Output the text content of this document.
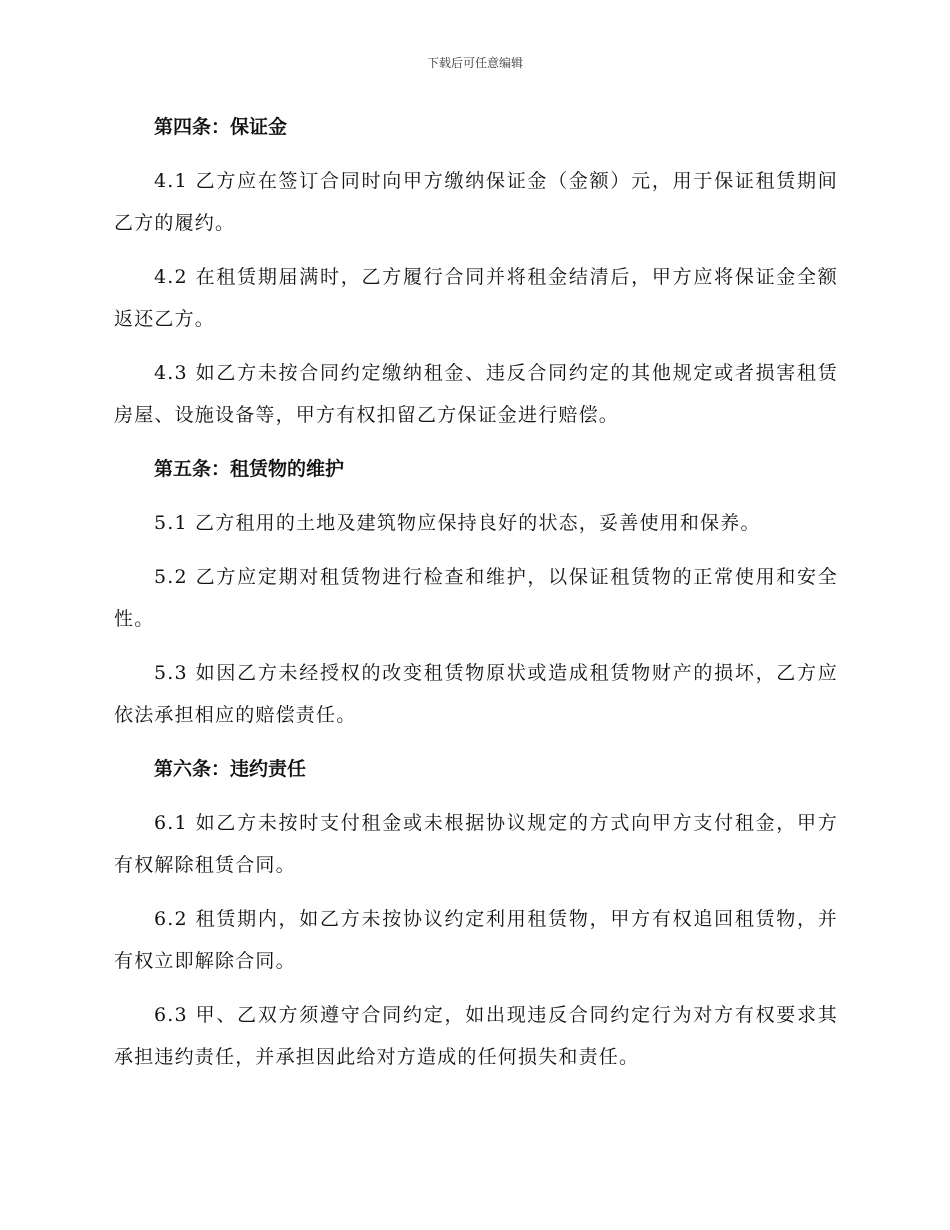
下载后可任意编辑

第四条：保证金

4.1 乙方应在签订合同时向甲方缴纳保证金（金额）元，用于保证租赁期间乙方的履约。

4.2 在租赁期届满时，乙方履行合同并将租金结清后，甲方应将保证金全额返还乙方。

4.3 如乙方未按合同约定缴纳租金、违反合同约定的其他规定或者损害租赁房屋、设施设备等，甲方有权扣留乙方保证金进行赔偿。

第五条：租赁物的维护

5.1 乙方租用的土地及建筑物应保持良好的状态，妥善使用和保养。

5.2 乙方应定期对租赁物进行检查和维护，以保证租赁物的正常使用和安全性。

5.3 如因乙方未经授权的改变租赁物原状或造成租赁物财产的损坏，乙方应依法承担相应的赔偿责任。

第六条：违约责任

6.1 如乙方未按时支付租金或未根据协议规定的方式向甲方支付租金，甲方有权解除租赁合同。

6.2 租赁期内，如乙方未按协议约定利用租赁物，甲方有权追回租赁物，并有权立即解除合同。

6.3 甲、乙双方须遵守合同约定，如出现违反合同约定行为对方有权要求其承担违约责任，并承担因此给对方造成的任何损失和责任。
